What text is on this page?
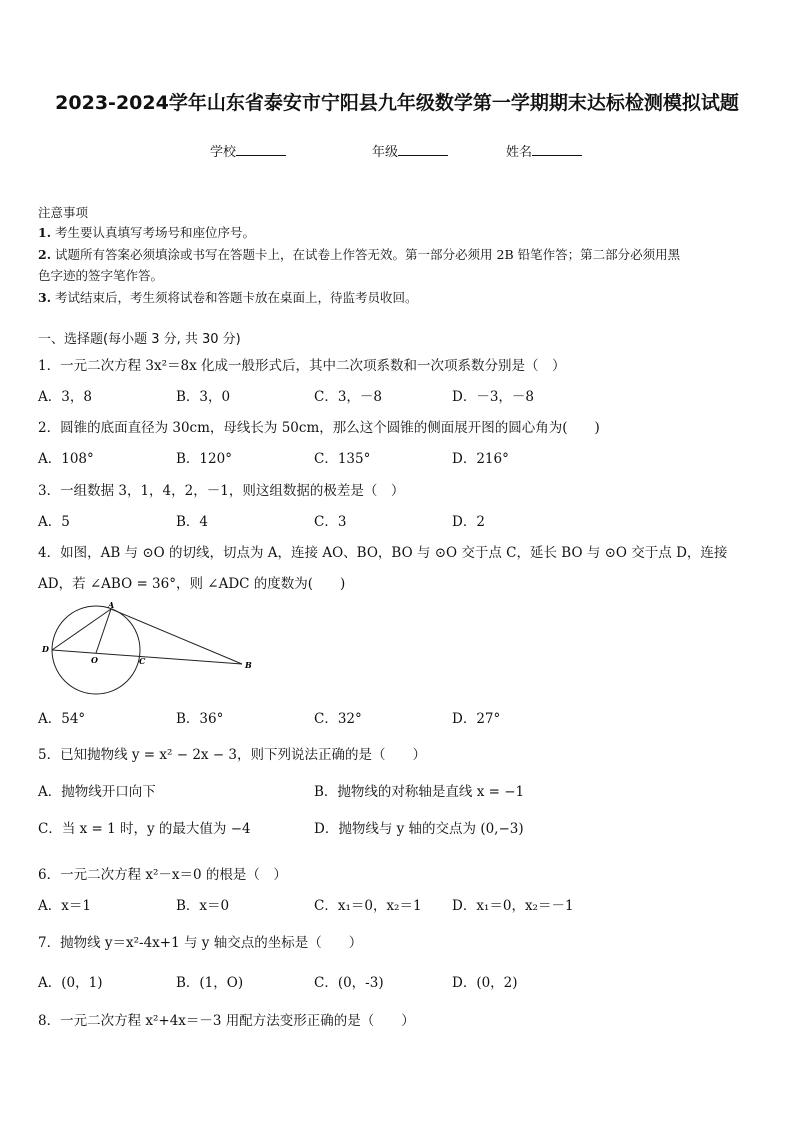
2023-2024学年山东省泰安市宁阳县九年级数学第一学期期末达标检测模拟试题
学校	年级	姓名
注意事项
1. 考生要认真填写考场号和座位序号。
2. 试题所有答案必须填涂或书写在答题卡上，在试卷上作答无效。第一部分必须用 2B 铅笔作答；第二部分必须用黑
色字迹的签字笔作答。
3. 考试结束后，考生须将试卷和答题卡放在桌面上，待监考员收回。
一、选择题(每小题 3 分, 共 30 分)
1．一元二次方程 3x²＝8x 化成一般形式后，其中二次项系数和一次项系数分别是（　）
A．3，8	B．3，0	C．3，－8	D．－3，－8
2．圆锥的底面直径为 30cm，母线长为 50cm，那么这个圆锥的侧面展开图的圆心角为(　　)
A．108°	B．120°	C．135°	D．216°
3．一组数据 3，1，4，2，－1，则这组数据的极差是（　）
A．5	B．4	C．3	D．2
4．如图，AB 与 ⊙O 的切线，切点为 A，连接 AO、BO，BO 与 ⊙O 交于点 C，延长 BO 与 ⊙O 交于点 D，连接
AD，若 ∠ABO = 36°，则 ∠ADC 的度数为(　　)
A
B
C
D
O
A．54°	B．36°	C．32°	D．27°
5．已知抛物线 y = x² − 2x − 3，则下列说法正确的是（　　）
A．抛物线开口向下	B．抛物线的对称轴是直线 x = −1
C．当 x = 1 时，y 的最大值为 −4	D．抛物线与 y 轴的交点为 (0,−3)
6．一元二次方程 x²－x＝0 的根是（　）
A．x＝1	B．x＝0	C．x₁＝0，x₂＝1 D．x₁＝0，x₂＝－1
7．抛物线 y＝x²-4x+1 与 y 轴交点的坐标是（　　）
A．(0，1)	B．(1，O)	C．(0，-3)	D．(0，2)
8．一元二次方程 x²+4x＝－3 用配方法变形正确的是（　　）
